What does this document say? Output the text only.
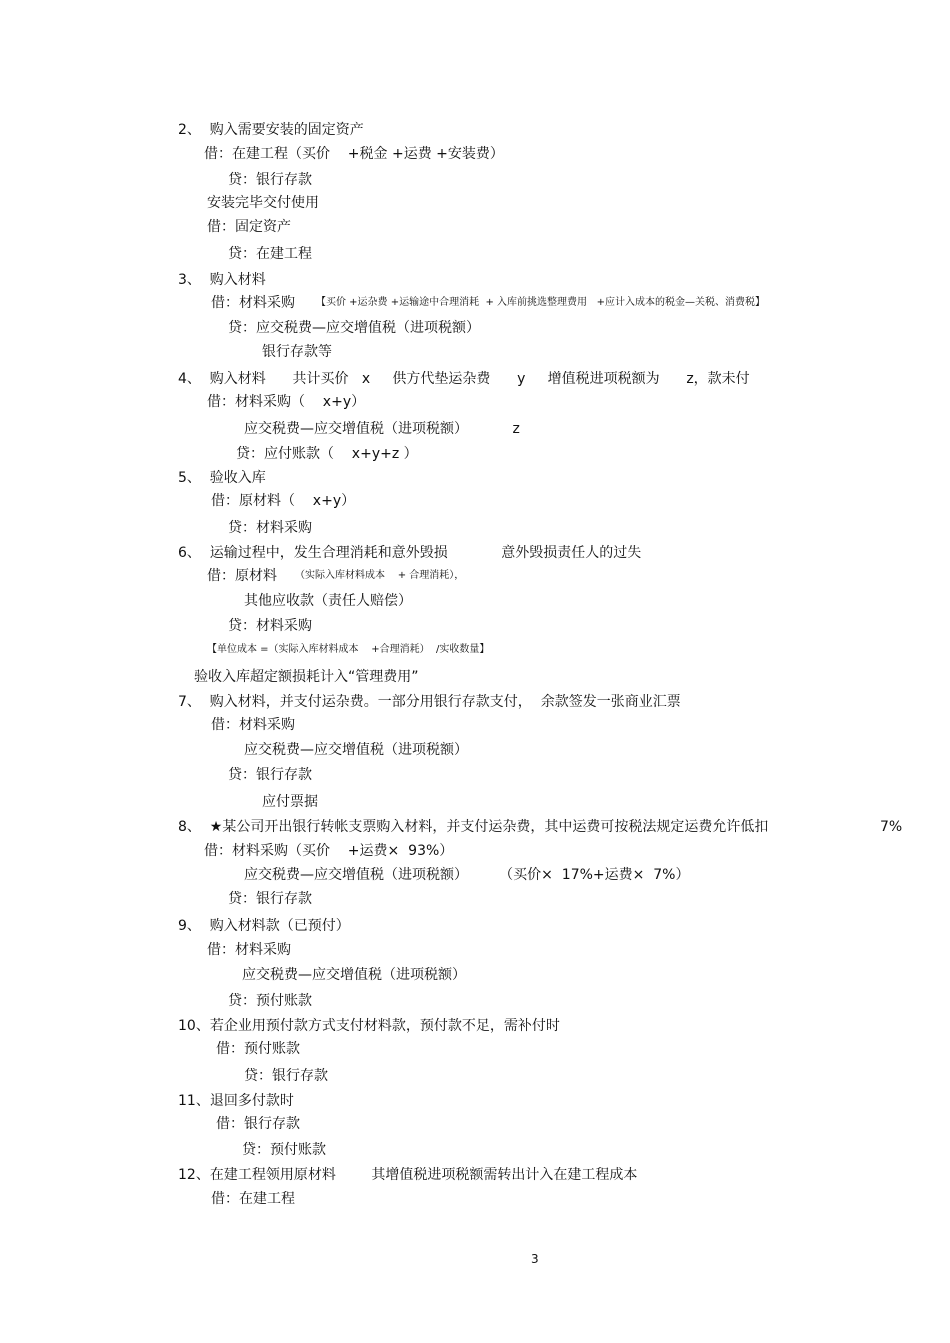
2、  购入需要安装的固定资产
借：在建工程（买价    +税金 +运费 +安装费）
贷：银行存款
安装完毕交付使用
借：固定资产
贷：在建工程
3、  购入材料
借：材料采购 【买价 +运杂费 +运输途中合理消耗  + 入库前挑选整理费用   +应计入成本的税金—关税、消费税】
贷：应交税费—应交增值税（进项税额）
银行存款等
4、  购入材料      共计买价   x     供方代垫运杂费      y     增值税进项税额为      z，款未付
借：材料采购（    x+y）
应交税费—应交增值税（进项税额）          z
贷：应付账款（    x+y+z ）
5、  验收入库
借：原材料（    x+y）
贷：材料采购
6、  运输过程中，发生合理消耗和意外毁损            意外毁损责任人的过失
借：原材料 （实际入库材料成本    + 合理消耗），
其他应收款（责任人赔偿）
贷：材料采购
【单位成本 =（实际入库材料成本    +合理消耗）  /实收数量】
验收入库超定额损耗计入“管理费用”
7、  购入材料，并支付运杂费。一部分用银行存款支付，  余款签发一张商业汇票
借：材料采购
应交税费—应交增值税（进项税额）
贷：银行存款
应付票据
8、  ★某公司开出银行转帐支票购入材料，并支付运杂费，其中运费可按税法规定运费允许低扣	7%
借：材料采购（买价    +运费×  93%）
应交税费—应交增值税（进项税额）       （买价×  17%+运费×  7%）
贷：银行存款
9、  购入材料款（已预付）
借：材料采购
应交税费—应交增值税（进项税额）
贷：预付账款
10、若企业用预付款方式支付材料款，预付款不足，需补付时
借：预付账款
贷：银行存款
11、退回多付款时
借：银行存款
贷：预付账款
12、在建工程领用原材料        其增值税进项税额需转出计入在建工程成本
借：在建工程
3
